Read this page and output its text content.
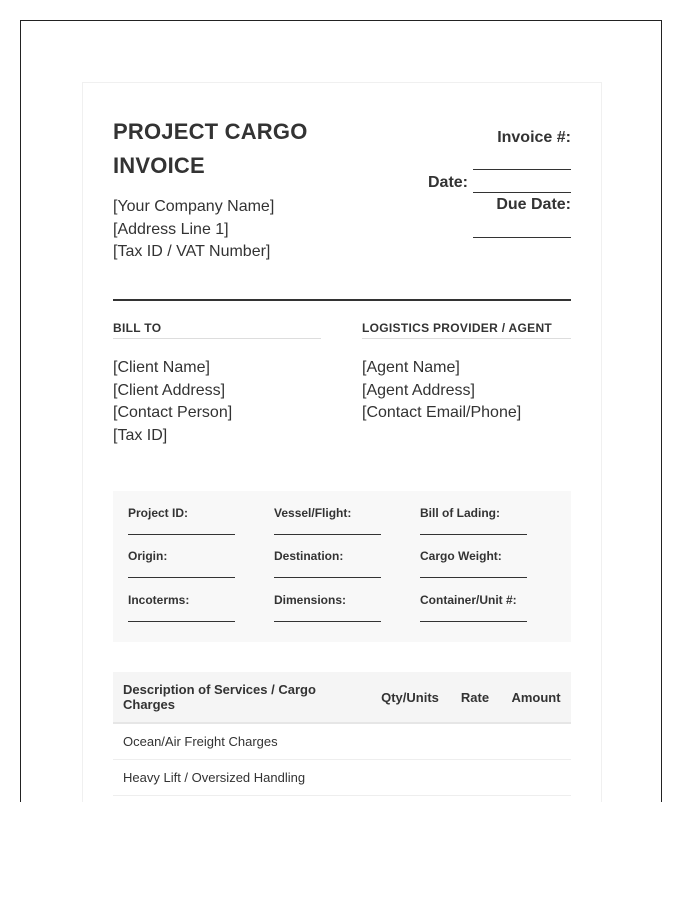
PROJECT CARGO INVOICE
[Your Company Name]
[Address Line 1]
[Tax ID / VAT Number]
Invoice #:
Date:
Due Date:
BILL TO
[Client Name]
[Client Address]
[Contact Person]
[Tax ID]
LOGISTICS PROVIDER / AGENT
[Agent Name]
[Agent Address]
[Contact Email/Phone]
Project ID:	Vessel/Flight:	Bill of Lading:
Origin:	Destination:	Cargo Weight:
Incoterms:	Dimensions:	Container/Unit #:
Description of Services / Cargo Charges	Qty/Units	Rate	Amount
Ocean/Air Freight Charges			
Heavy Lift / Oversized Handling			
